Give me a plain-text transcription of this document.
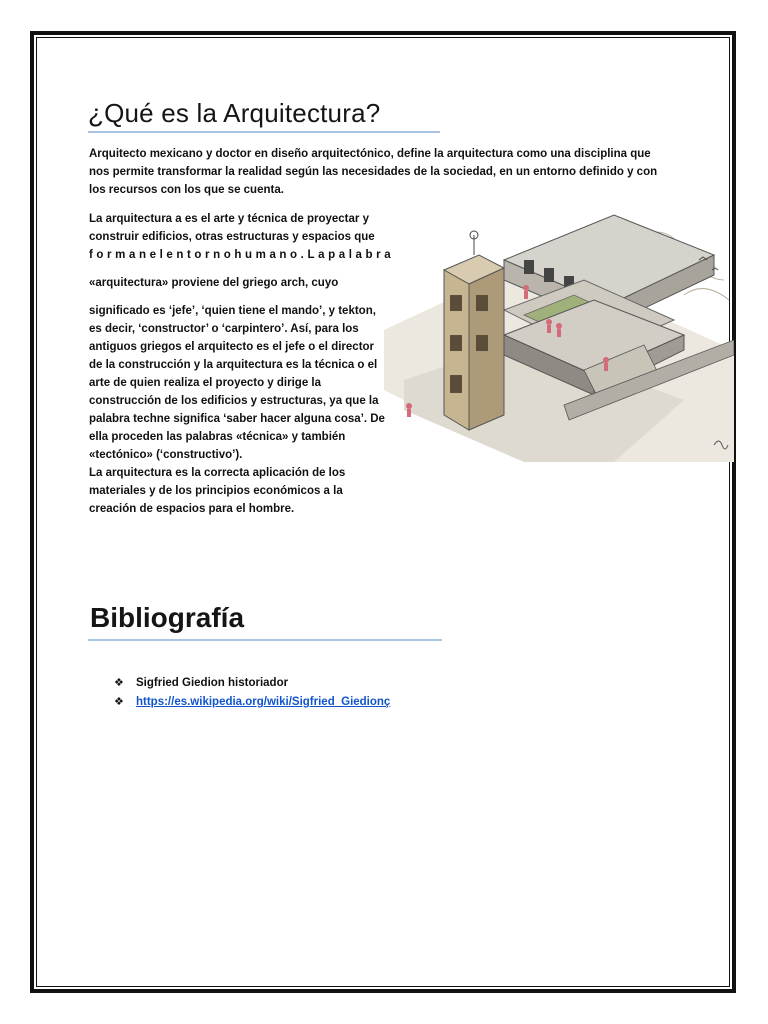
¿Qué es la Arquitectura?

Arquitecto mexicano y doctor en diseño arquitectónico, define la arquitectura como una disciplina que nos permite transformar la realidad según las necesidades de la sociedad, en un entorno definido y con los recursos con los que se cuenta.

La arquitectura a es el arte y técnica de proyectar y
construir edificios, otras estructuras y espacios que
formanelentornohumano.Lapalabra

«arquitectura» proviene del griego arch, cuyo

significado es ‘jefe’, ‘quien tiene el mando’, y tekton, es decir, ‘constructor’ o ‘carpintero’. Así, para los antiguos griegos el arquitecto es el jefe o el director de la construcción y la arquitectura es la técnica o el arte de quien realiza el proyecto y dirige la construcción de los edificios y estructuras, ya que la palabra techne significa ‘saber hacer alguna cosa’. De ella proceden las palabras «técnica» y también «tectónico» (‘constructivo’).
La arquitectura es la correcta aplicación de los materiales y de los principios económicos a la creación de espacios para el hombre.

Bibliografía
❖ Sigfried Giedion historiador
❖ https://es.wikipedia.org/wiki/Sigfried_Giedionç
